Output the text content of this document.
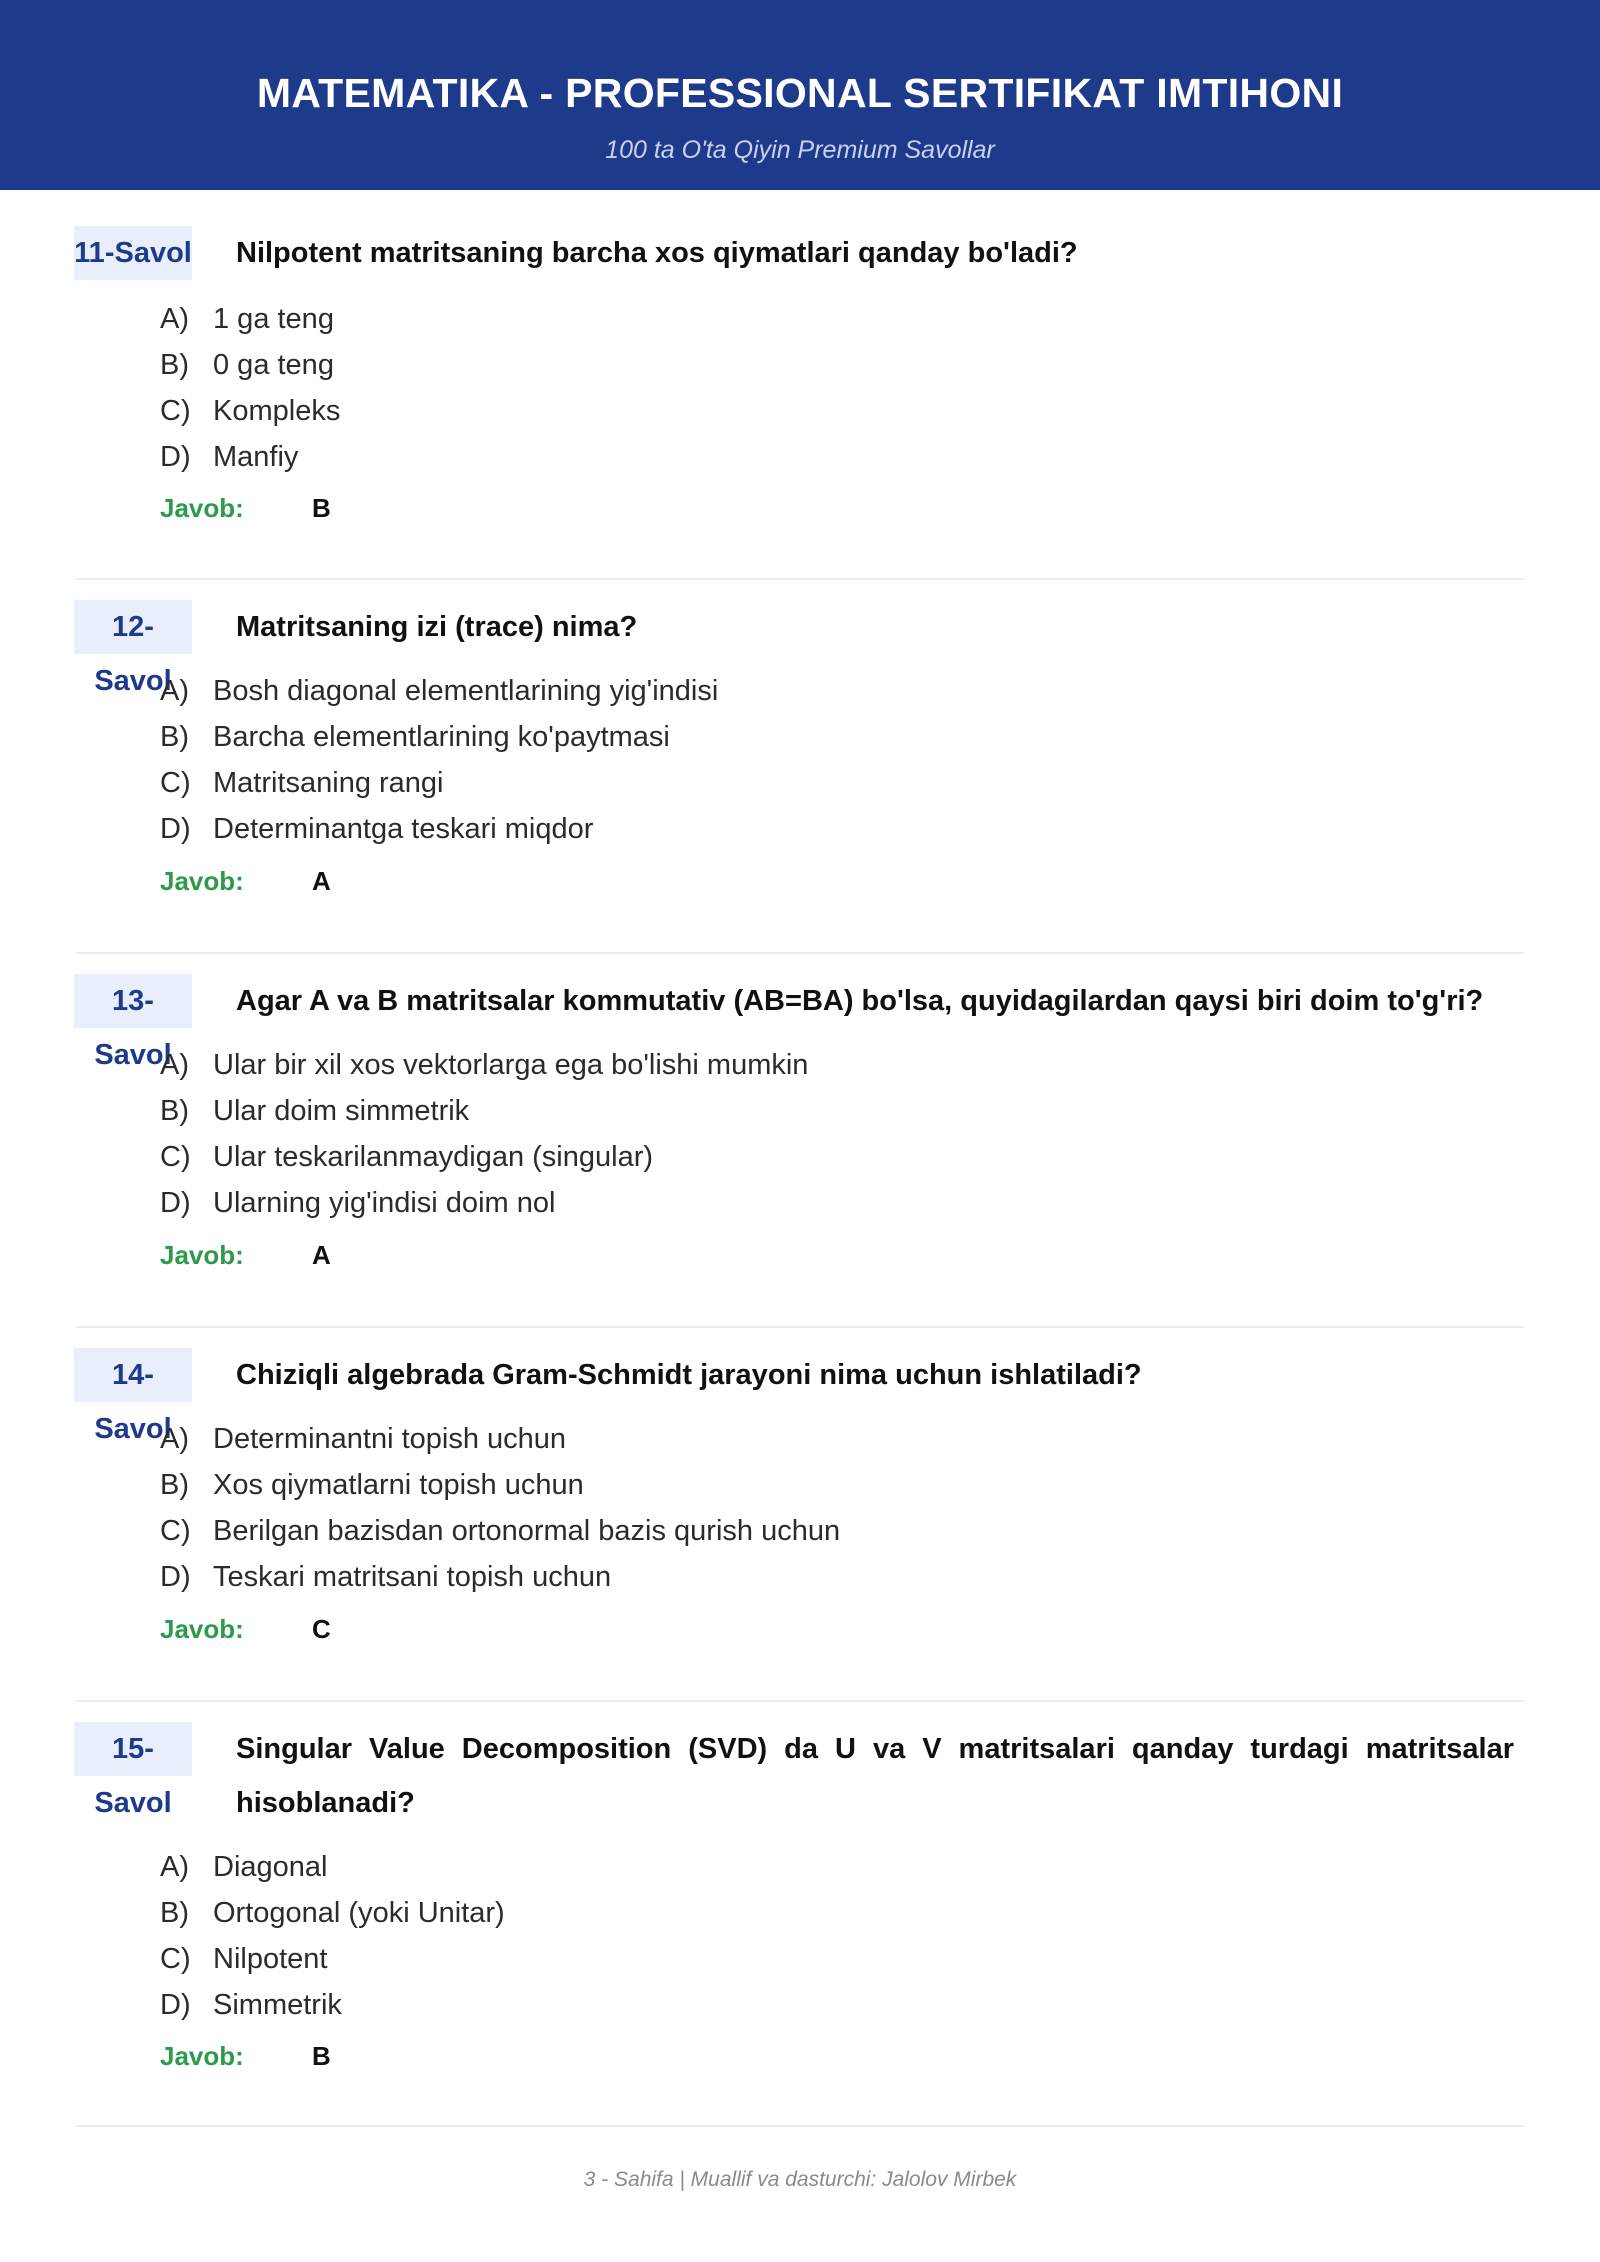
MATEMATIKA - PROFESSIONAL SERTIFIKAT IMTIHONI
100 ta O'ta Qiyin Premium Savollar
11-Savol Nilpotent matritsaning barcha xos qiymatlari qanday bo'ladi?
A) 1 ga teng
B) 0 ga teng
C) Kompleks
D) Manfiy
Javob:	B
12-Savol
Matritsaning izi (trace) nima?
A) Bosh diagonal elementlarining yig'indisi
B) Barcha elementlarining ko'paytmasi
C) Matritsaning rangi
D) Determinantga teskari miqdor
Javob:	A
13-Savol
Agar A va B matritsalar kommutativ (AB=BA) bo'lsa, quyidagilardan qaysi biri doim to'g'ri?
A) Ular bir xil xos vektorlarga ega bo'lishi mumkin
B) Ular doim simmetrik
C) Ular teskarilanmaydigan (singular)
D) Ularning yig'indisi doim nol
Javob:	A
14-Savol
Chiziqli algebrada Gram-Schmidt jarayoni nima uchun ishlatiladi?
A) Determinantni topish uchun
B) Xos qiymatlarni topish uchun
C) Berilgan bazisdan ortonormal bazis qurish uchun
D) Teskari matritsani topish uchun
Javob:	C
15-Savol
Singular Value Decomposition (SVD) da U va V matritsalari qanday turdagi matritsalar hisoblanadi?
A) Diagonal
B) Ortogonal (yoki Unitar)
C) Nilpotent
D) Simmetrik
Javob:	B
3 - Sahifa | Muallif va dasturchi: Jalolov Mirbek
